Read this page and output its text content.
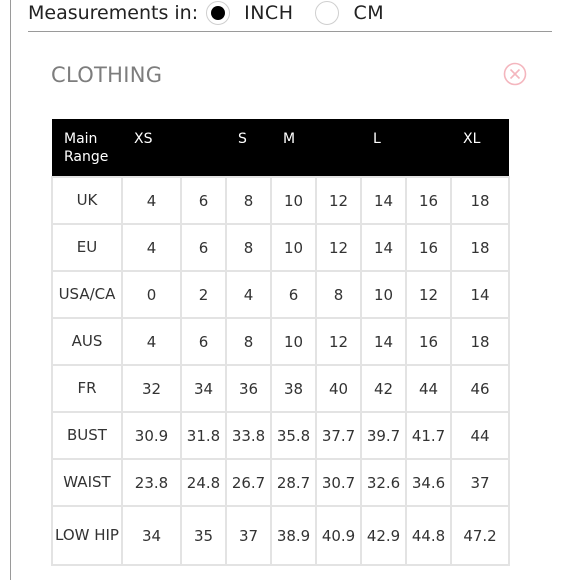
Measurements in: INCH	CM
CLOTHING
Main Range	XS		S	M		L		XL
UK	4	6	8	10	12	14	16	18
EU	4	6	8	10	12	14	16	18
USA/CA	0	2	4	6	8	10	12	14
AUS	4	6	8	10	12	14	16	18
FR	32	34	36	38	40	42	44	46
BUST	30.9	31.8	33.8	35.8	37.7	39.7	41.7	44
WAIST	23.8	24.8	26.7	28.7	30.7	32.6	34.6	37
LOW HIP	34	35	37	38.9	40.9	42.9	44.8	47.2
